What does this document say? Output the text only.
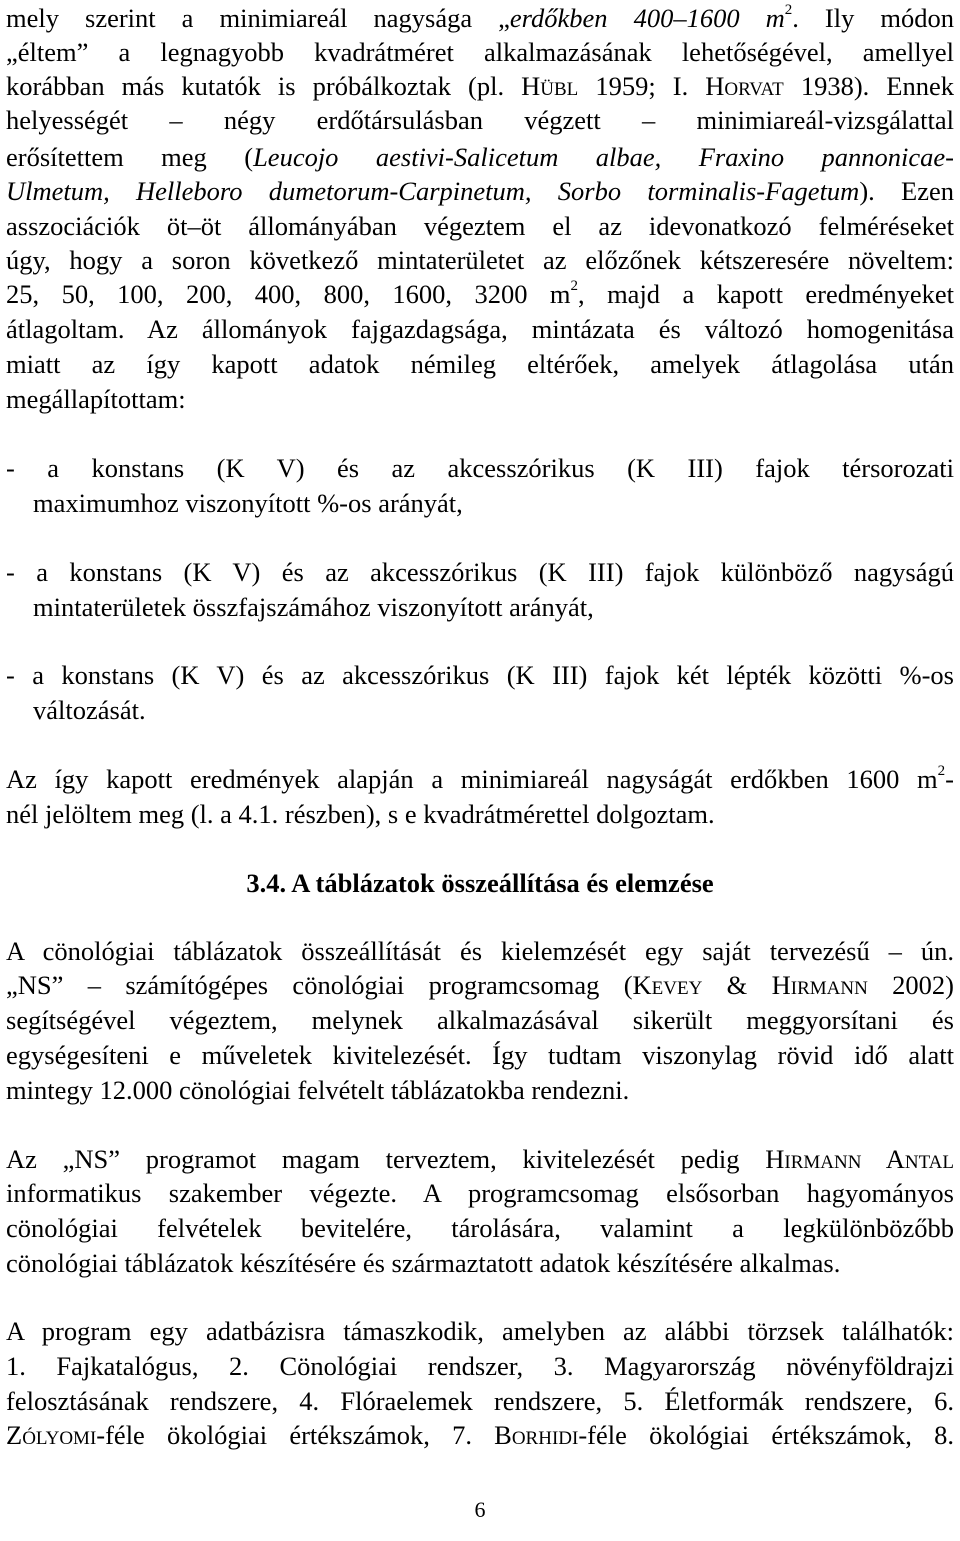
mely szerint a minimiareál nagysága „erdőkben 400–1600 $m^2$. Ily módon
„éltem” a legnagyobb kvadrátméret alkalmazásának lehetőségével, amellyel
korábban más kutatók is próbálkoztak (pl. HÜBL 1959; I. HORVAT 1938). Ennek
helyességét – négy erdőtársulásban végzett – minimiareál-vizsgálattal
erősítettem meg (Leucojo aestivi-Salicetum albae, Fraxino pannonicae-
Ulmetum, Helleboro dumetorum-Carpinetum, Sorbo torminalis-Fagetum). Ezen
asszociációk öt–öt állományában végeztem el az idevonatkozó felméréseket
úgy, hogy a soron következő mintaterületet az előzőnek kétszeresére növeltem:
25, 50, 100, 200, 400, 800, 1600, 3200 $m^2$, majd a kapott eredményeket
átlagoltam. Az állományok fajgazdagsága, mintázata és változó homogenitása
miatt az így kapott adatok némileg eltérőek, amelyek átlagolása után
megállapítottam:
- a konstans (K V) és az akcesszórikus (K III) fajok térsorozati
maximumhoz viszonyított %-os arányát,
- a konstans (K V) és az akcesszórikus (K III) fajok különböző nagyságú
mintaterületek összfajszámához viszonyított arányát,
- a konstans (K V) és az akcesszórikus (K III) fajok két lépték közötti %-os
változását.
Az így kapott eredmények alapján a minimiareál nagyságát erdőkben 1600 $m^2-$
nél jelöltem meg (l. a 4.1. részben), s e kvadrátmérettel dolgoztam.
3.4. A táblázatok összeállítása és elemzése
A cönológiai táblázatok összeállítását és kielemzését egy saját tervezésű – ún.
„NS” – számítógépes cönológiai programcsomag (KEVEY & HIRMANN 2002)
segítségével végeztem, melynek alkalmazásával sikerült meggyorsítani és
egységesíteni e műveletek kivitelezését. Így tudtam viszonylag rövid idő alatt
mintegy 12.000 cönológiai felvételt táblázatokba rendezni.
Az „NS” programot magam terveztem, kivitelezését pedig HIRMANN ANTAL
informatikus szakember végezte. A programcsomag elsősorban hagyományos
cönológiai felvételek bevitelére, tárolására, valamint a legkülönbözőbb
cönológiai táblázatok készítésére és származtatott adatok készítésére alkalmas.
A program egy adatbázisra támaszkodik, amelyben az alábbi törzsek találhatók:
1. Fajkatalógus, 2. Cönológiai rendszer, 3. Magyarország növényföldrajzi
felosztásának rendszere, 4. Flóraelemek rendszere, 5. Életformák rendszere, 6.
ZÓLYOMI-féle ökológiai értékszámok, 7. BORHIDI-féle ökológiai értékszámok, 8.
6
